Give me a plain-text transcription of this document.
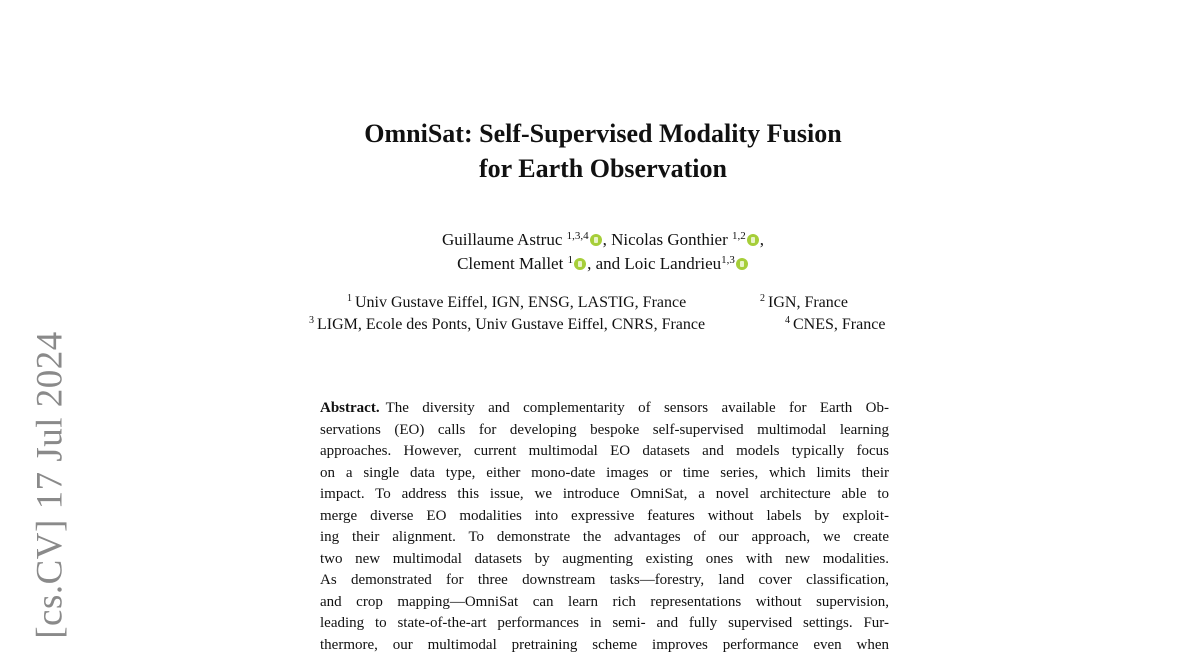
[cs.CV] 17 Jul 2024
OmniSat: Self-Supervised Modality Fusion
for Earth Observation
Guillaume Astruc $^{1,3,4}$ , Nicolas Gonthier $^{1,2}$ ,
Clement Mallet $^1$ , and Loic Landrieu$^{1,3}$
$^1$ Univ Gustave Eiffel, IGN, ENSG, LASTIG, France	$^2$ IGN, France
$^3$ LIGM, Ecole des Ponts, Univ Gustave Eiffel, CNRS, France	$^4$ CNES, France
Abstract. The diversity and complementarity of sensors available for Earth Ob-
servations (EO) calls for developing bespoke self-supervised multimodal learning
approaches. However, current multimodal EO datasets and models typically focus
on a single data type, either mono-date images or time series, which limits their
impact. To address this issue, we introduce OmniSat, a novel architecture able to
merge diverse EO modalities into expressive features without labels by exploit-
ing their alignment. To demonstrate the advantages of our approach, we create
two new multimodal datasets by augmenting existing ones with new modalities.
As demonstrated for three downstream tasks—forestry, land cover classification,
and crop mapping—OmniSat can learn rich representations without supervision,
leading to state-of-the-art performances in semi- and fully supervised settings. Fur-
thermore, our multimodal pretraining scheme improves performance even when
